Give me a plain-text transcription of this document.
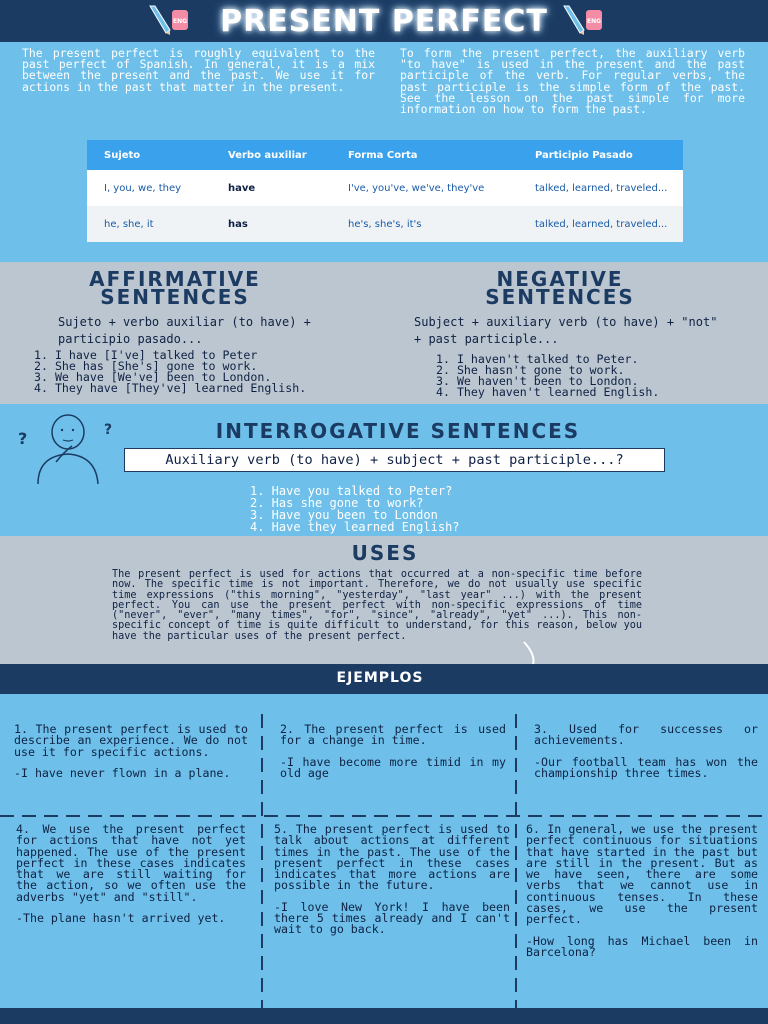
PRESENT PERFECT
ENG	ENG
The present perfect is roughly equivalent to the past perfect of Spanish. In general, it is a mix between the present and the past. We use it for actions in the past that matter in the present.
To form the present perfect, the auxiliary verb "to have" is used in the present and the past participle of the verb. For regular verbs, the past participle is the simple form of the past. See the lesson on the past simple for more information on how to form the past.
Sujeto	Verbo auxiliar	Forma Corta	Participio Pasado
I, you, we, they	have	I've, you've, we've, they've	talked, learned, traveled...
he, she, it	has	he's, she's, it's	talked, learned, traveled...
AFFIRMATIVE SENTENCES
NEGATIVE SENTENCES
Sujeto + verbo auxiliar (to have) + participio pasado...
Subject + auxiliary verb (to have) + "not" + past participle...
1. I have [I've] talked to Peter
2. She has [She's] gone to work.
3. We have [We've] been to London.
4. They have [They've] learned English.
1. I haven't talked to Peter.
2. She hasn't gone to work.
3. We haven't been to London.
4. They haven't learned English.
?	?	INTERROGATIVE SENTENCES
Auxiliary verb (to have) + subject + past participle...?
1. Have you talked to Peter?
2. Has she gone to work?
3. Have you been to London
4. Have they learned English?
USES
The present perfect is used for actions that occurred at a non-specific time before now. The specific time is not important. Therefore, we do not usually use specific time expressions ("this morning", "yesterday", "last year" ...) with the present perfect. You can use the present perfect with non-specific expressions of time ("never", "ever", "many times", "for", "since", "already", "yet" ...). This non-specific concept of time is quite difficult to understand, for this reason, below you have the particular uses of the present perfect.
EJEMPLOS

1. The present perfect is used to describe an experience. We do not use it for specific actions.

-I have never flown in a plane.

2. The present perfect is used for a change in time.

-I have become more timid in my old age

3. Used for successes or achievements.

-Our football team has won the championship three times.

4. We use the present perfect for actions that have not yet happened. The use of the present perfect in these cases indicates that we are still waiting for the action, so we often use the adverbs "yet" and "still".

-The plane hasn't arrived yet.

5. The present perfect is used to talk about actions at different times in the past. The use of the present perfect in these cases indicates that more actions are possible in the future.

-I love New York! I have been there 5 times already and I can't wait to go back.

6. In general, we use the present perfect continuous for situations that have started in the past but are still in the present. But as we have seen, there are some verbs that we cannot use in continuous tenses. In these cases, we use the present perfect.

-How long has Michael been in Barcelona?
